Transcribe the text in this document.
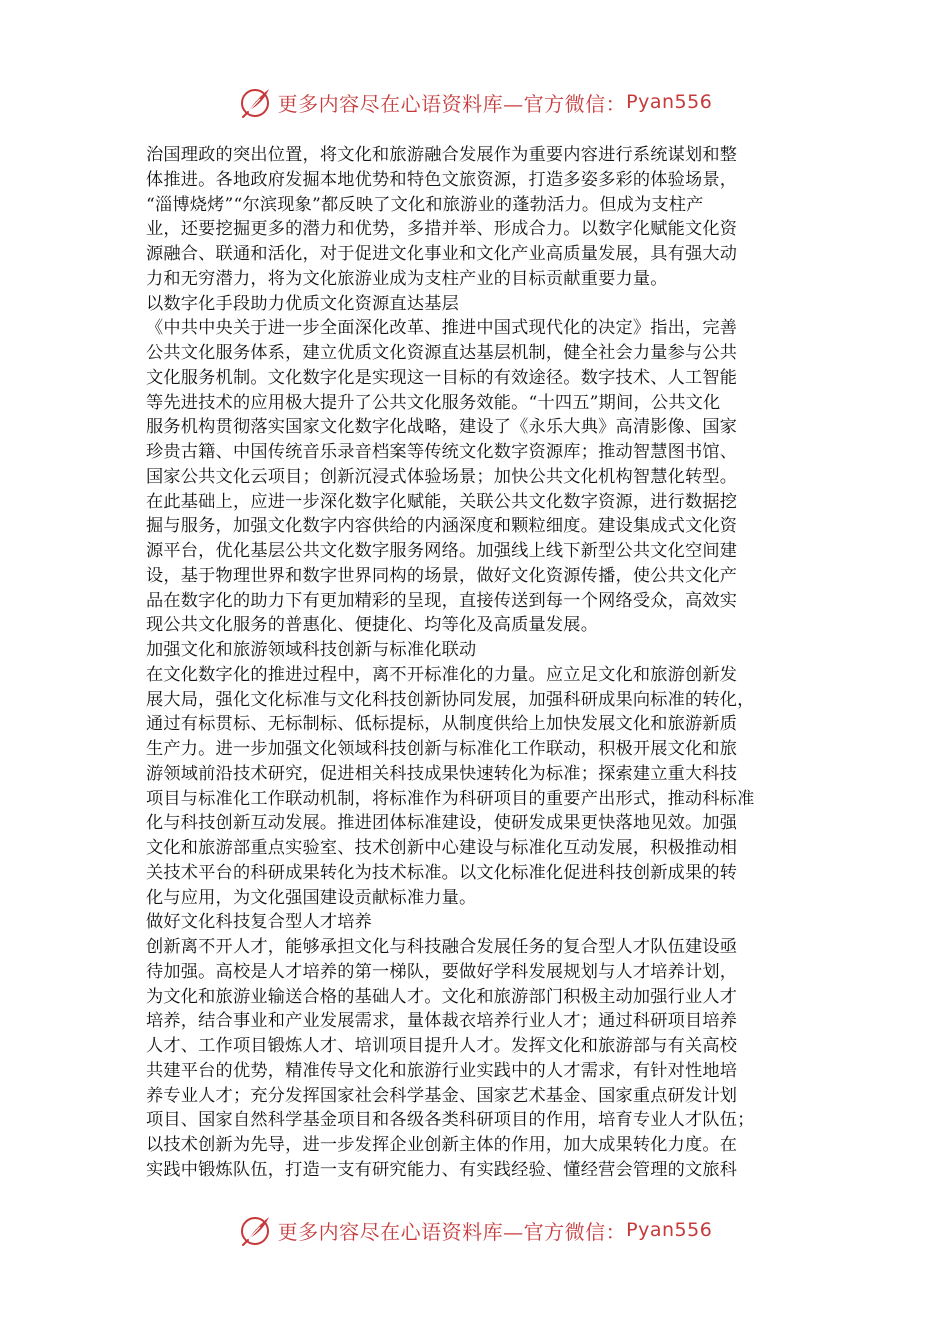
更多内容尽在心语资料库—官方微信： Pyan556
治国理政的突出位置，将文化和旅游融合发展作为重要内容进行系统谋划和整
体推进。各地政府发掘本地优势和特色文旅资源，打造多姿多彩的体验场景，
“淄博烧烤”“尔滨现象”都反映了文化和旅游业的蓬勃活力。但成为支柱产
业，还要挖掘更多的潜力和优势，多措并举、形成合力。以数字化赋能文化资
源融合、联通和活化，对于促进文化事业和文化产业高质量发展，具有强大动
力和无穷潜力，将为文化旅游业成为支柱产业的目标贡献重要力量。
以数字化手段助力优质文化资源直达基层
《中共中央关于进一步全面深化改革、推进中国式现代化的决定》指出，完善
公共文化服务体系，建立优质文化资源直达基层机制，健全社会力量参与公共
文化服务机制。文化数字化是实现这一目标的有效途径。数字技术、人工智能
等先进技术的应用极大提升了公共文化服务效能。“十四五”期间，公共文化
服务机构贯彻落实国家文化数字化战略，建设了《永乐大典》高清影像、国家
珍贵古籍、中国传统音乐录音档案等传统文化数字资源库；推动智慧图书馆、
国家公共文化云项目；创新沉浸式体验场景；加快公共文化机构智慧化转型。
在此基础上，应进一步深化数字化赋能，关联公共文化数字资源，进行数据挖
掘与服务，加强文化数字内容供给的内涵深度和颗粒细度。建设集成式文化资
源平台，优化基层公共文化数字服务网络。加强线上线下新型公共文化空间建
设，基于物理世界和数字世界同构的场景，做好文化资源传播，使公共文化产
品在数字化的助力下有更加精彩的呈现，直接传送到每一个网络受众，高效实
现公共文化服务的普惠化、便捷化、均等化及高质量发展。
加强文化和旅游领域科技创新与标准化联动
在文化数字化的推进过程中，离不开标准化的力量。应立足文化和旅游创新发
展大局，强化文化标准与文化科技创新协同发展，加强科研成果向标准的转化，
通过有标贯标、无标制标、低标提标，从制度供给上加快发展文化和旅游新质
生产力。进一步加强文化领域科技创新与标准化工作联动，积极开展文化和旅
游领域前沿技术研究，促进相关科技成果快速转化为标准；探索建立重大科技
项目与标准化工作联动机制，将标准作为科研项目的重要产出形式，推动科标准
化与科技创新互动发展。推进团体标准建设，使研发成果更快落地见效。加强
文化和旅游部重点实验室、技术创新中心建设与标准化互动发展，积极推动相
关技术平台的科研成果转化为技术标准。以文化标准化促进科技创新成果的转
化与应用，为文化强国建设贡献标准力量。
做好文化科技复合型人才培养
创新离不开人才，能够承担文化与科技融合发展任务的复合型人才队伍建设亟
待加强。高校是人才培养的第一梯队，要做好学科发展规划与人才培养计划，
为文化和旅游业输送合格的基础人才。文化和旅游部门积极主动加强行业人才
培养，结合事业和产业发展需求，量体裁衣培养行业人才；通过科研项目培养
人才、工作项目锻炼人才、培训项目提升人才。发挥文化和旅游部与有关高校
共建平台的优势，精准传导文化和旅游行业实践中的人才需求，有针对性地培
养专业人才；充分发挥国家社会科学基金、国家艺术基金、国家重点研发计划
项目、国家自然科学基金项目和各级各类科研项目的作用，培育专业人才队伍；
以技术创新为先导，进一步发挥企业创新主体的作用，加大成果转化力度。在
实践中锻炼队伍，打造一支有研究能力、有实践经验、懂经营会管理的文旅科
更多内容尽在心语资料库—官方微信： Pyan556
